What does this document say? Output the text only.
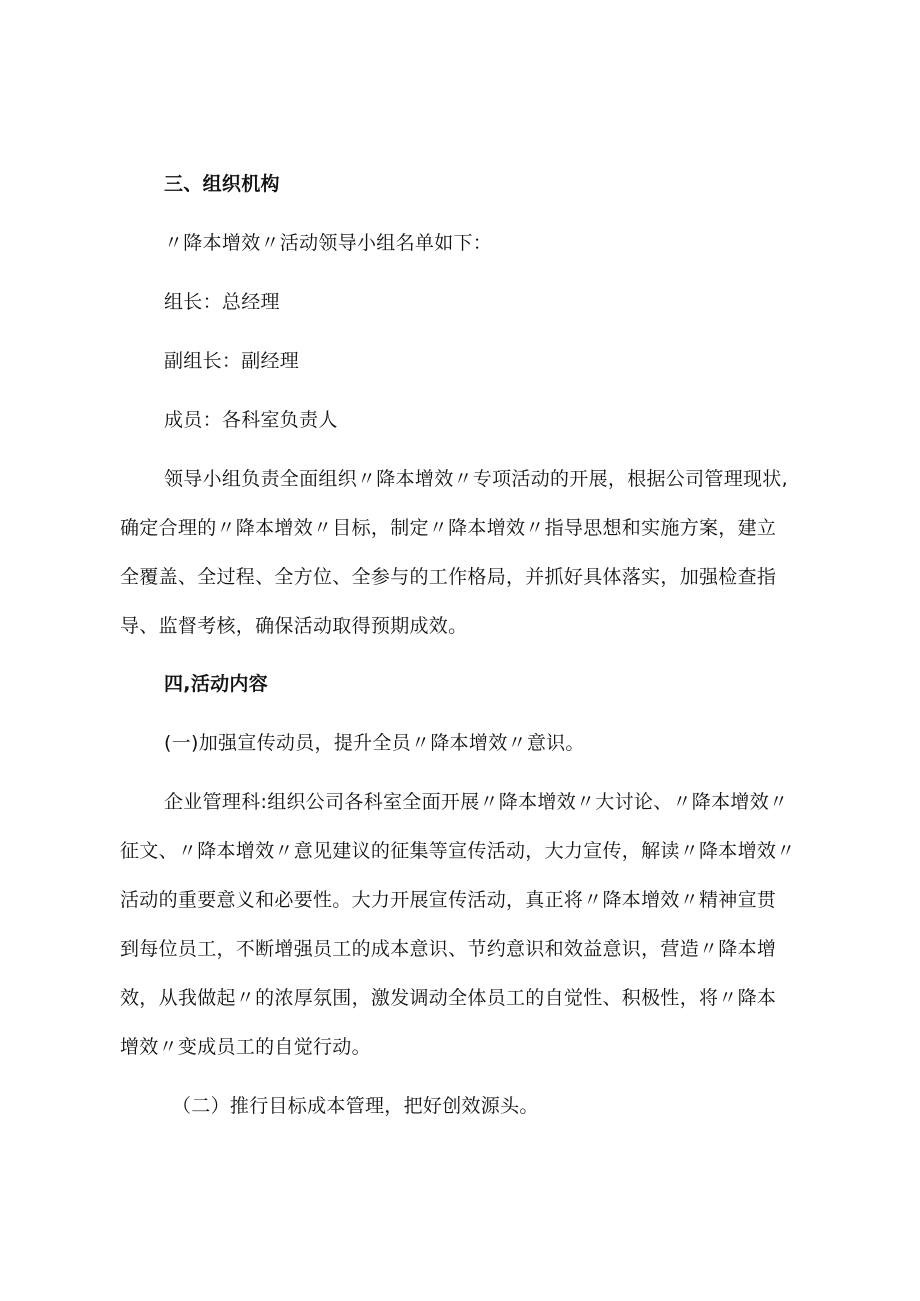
三、组织机构
〃降本增效〃活动领导小组名单如下：
组长：总经理
副组长：副经理
成员：各科室负责人
领导小组负责全面组织〃降本增效〃专项活动的开展，根据公司管理现状,
确定合理的〃降本增效〃目标，制定〃降本增效〃指导思想和实施方案，建立
全覆盖、全过程、全方位、全参与的工作格局，并抓好具体落实，加强检查指
导、监督考核，确保活动取得预期成效。
四,活动内容
(一)加强宣传动员，提升全员〃降本增效〃意识。
企业管理科:组织公司各科室全面开展〃降本增效〃大讨论、〃降本增效〃
征文、〃降本增效〃意见建议的征集等宣传活动，大力宣传，解读〃降本增效〃
活动的重要意义和必要性。大力开展宣传活动，真正将〃降本增效〃精神宣贯
到每位员工，不断增强员工的成本意识、节约意识和效益意识，营造〃降本增
效，从我做起〃的浓厚氛围，激发调动全体员工的自觉性、积极性，将〃降本
增效〃变成员工的自觉行动。
（二）推行目标成本管理，把好创效源头。
